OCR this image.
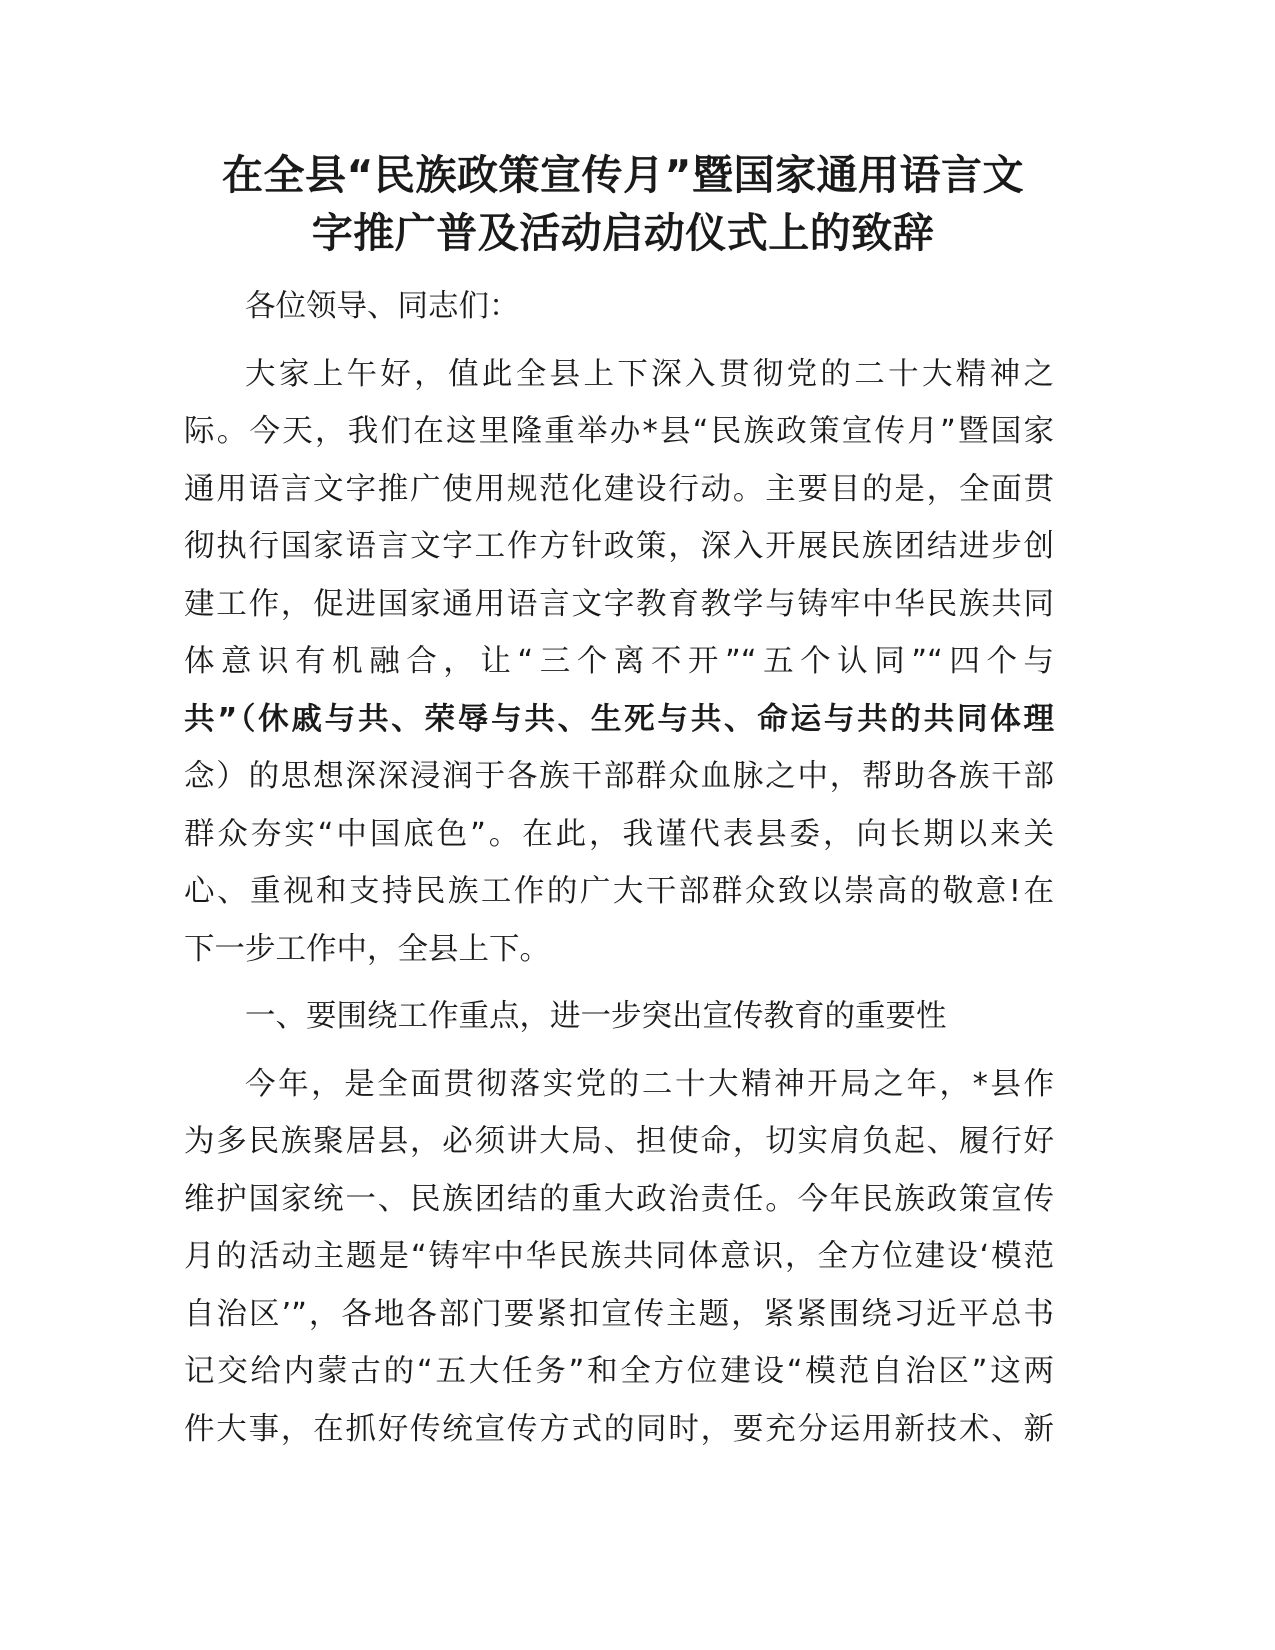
在全县“民族政策宣传月”暨国家通用语言文
字推广普及活动启动仪式上的致辞

各位领导、同志们：

大家上午好，值此全县上下深入贯彻党的二十大精神之
际。今天，我们在这里隆重举办*县“民族政策宣传月”暨国家
通用语言文字推广使用规范化建设行动。主要目的是，全面贯
彻执行国家语言文字工作方针政策，深入开展民族团结进步创
建工作，促进国家通用语言文字教育教学与铸牢中华民族共同
体意识有机融合，让“三个离不开”“五个认同”“四个与
共”（休戚与共、荣辱与共、生死与共、命运与共的共同体理
念）的思想深深浸润于各族干部群众血脉之中，帮助各族干部
群众夯实“中国底色”。在此，我谨代表县委，向长期以来关
心、重视和支持民族工作的广大干部群众致以崇高的敬意!在
下一步工作中，全县上下。

一、要围绕工作重点，进一步突出宣传教育的重要性

今年，是全面贯彻落实党的二十大精神开局之年，*县作
为多民族聚居县，必须讲大局、担使命，切实肩负起、履行好
维护国家统一、民族团结的重大政治责任。今年民族政策宣传
月的活动主题是“铸牢中华民族共同体意识，全方位建设‘模范
自治区’”，各地各部门要紧扣宣传主题，紧紧围绕习近平总书
记交给内蒙古的“五大任务”和全方位建设“模范自治区”这两
件大事，在抓好传统宣传方式的同时，要充分运用新技术、新
